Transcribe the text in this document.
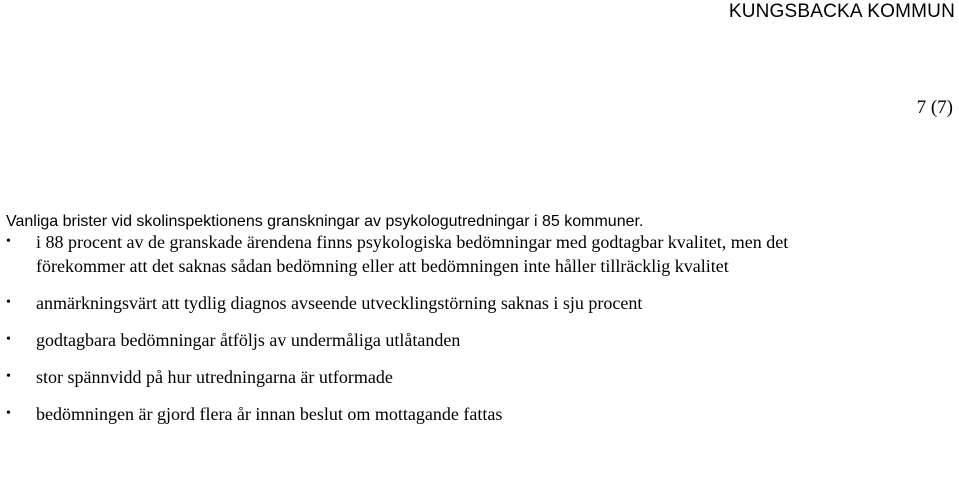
KUNGSBACKA KOMMUN
7 (7)
Vanliga brister vid skolinspektionens granskningar av psykologutredningar i 85 kommuner.
• i 88 procent av de granskade ärendena finns psykologiska bedömningar med godtagbar kvalitet, men det förekommer att det saknas sådan bedömning eller att bedömningen inte håller tillräcklig kvalitet
• anmärkningsvärt att tydlig diagnos avseende utvecklingstörning saknas i sju procent
• godtagbara bedömningar åtföljs av undermåliga utlåtanden
• stor spännvidd på hur utredningarna är utformade
• bedömningen är gjord flera år innan beslut om mottagande fattas
